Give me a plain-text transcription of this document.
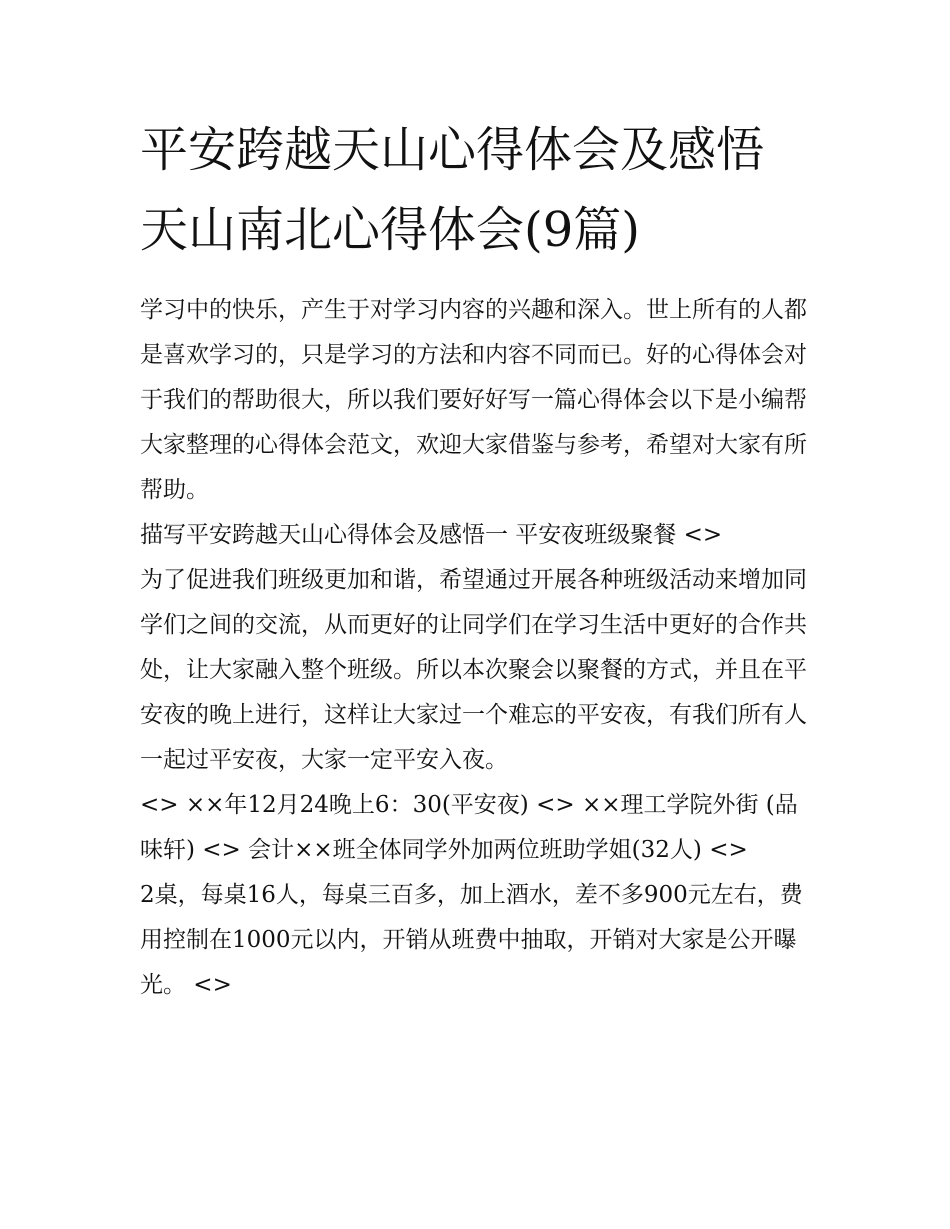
平安跨越天山心得体会及感悟
天山南北心得体会(9篇)

学习中的快乐，产生于对学习内容的兴趣和深入。世上所有的人都是喜欢学习的，只是学习的方法和内容不同而已。好的心得体会对于我们的帮助很大，所以我们要好好写一篇心得体会以下是小编帮大家整理的心得体会范文，欢迎大家借鉴与参考，希望对大家有所帮助。

描写平安跨越天山心得体会及感悟一 平安夜班级聚餐 <>

为了促进我们班级更加和谐，希望通过开展各种班级活动来增加同学们之间的交流，从而更好的让同学们在学习生活中更好的合作共处，让大家融入整个班级。所以本次聚会以聚餐的方式，并且在平安夜的晚上进行，这样让大家过一个难忘的平安夜，有我们所有人一起过平安夜，大家一定平安入夜。

<> ××年12月24晚上6：30(平安夜) <> ××理工学院外街 (品味轩) <> 会计××班全体同学外加两位班助学姐(32人) <>

2桌，每桌16人，每桌三百多，加上酒水，差不多900元左右，费用控制在1000元以内，开销从班费中抽取，开销对大家是公开曝光。 <>
